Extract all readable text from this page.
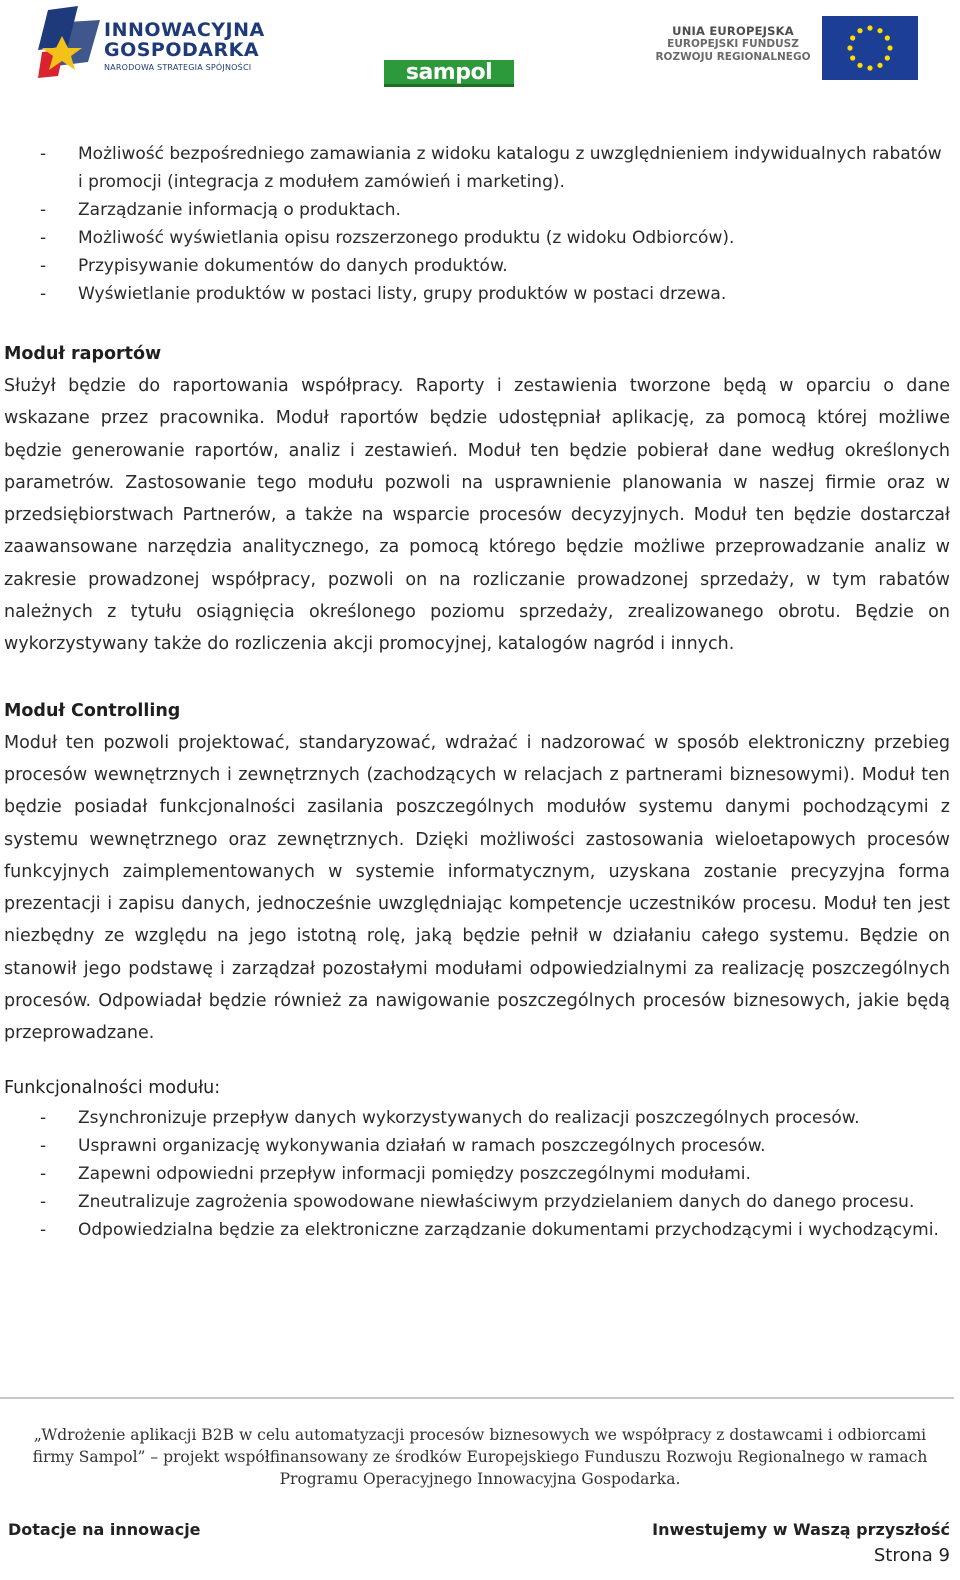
INNOWACYJNA
GOSPODARKA
NARODOWA STRATEGIA SPÓJNOŚCI	sampol
UNIA EUROPEJSKA
EUROPEJSKI FUNDUSZ
ROZWOJU REGIONALNEGO
- Możliwość bezpośredniego zamawiania z widoku katalogu z uwzględnieniem indywidualnych rabatów i promocji (integracja z modułem zamówień i marketing).
- Zarządzanie informacją o produktach.
- Możliwość wyświetlania opisu rozszerzonego produktu (z widoku Odbiorców).
- Przypisywanie dokumentów do danych produktów.
- Wyświetlanie produktów w postaci listy, grupy produktów w postaci drzewa.
Moduł raportów

Służył będzie do raportowania współpracy. Raporty i zestawienia tworzone będą w oparciu o dane wskazane przez pracownika. Moduł raportów będzie udostępniał aplikację, za pomocą której możliwe będzie generowanie raportów, analiz i zestawień. Moduł ten będzie pobierał dane według określonych parametrów. Zastosowanie tego modułu pozwoli na usprawnienie planowania w naszej firmie oraz w przedsiębiorstwach Partnerów, a także na wsparcie procesów decyzyjnych. Moduł ten będzie dostarczał zaawansowane narzędzia analitycznego, za pomocą którego będzie możliwe przeprowadzanie analiz w zakresie prowadzonej współpracy, pozwoli on na rozliczanie prowadzonej sprzedaży, w tym rabatów należnych z tytułu osiągnięcia określonego poziomu sprzedaży, zrealizowanego obrotu. Będzie on wykorzystywany także do rozliczenia akcji promocyjnej, katalogów nagród i innych.

Moduł Controlling

Moduł ten pozwoli projektować, standaryzować, wdrażać i nadzorować w sposób elektroniczny przebieg procesów wewnętrznych i zewnętrznych (zachodzących w relacjach z partnerami biznesowymi). Moduł ten będzie posiadał funkcjonalności zasilania poszczególnych modułów systemu danymi pochodzącymi z systemu wewnętrznego oraz zewnętrznych. Dzięki możliwości zastosowania wieloetapowych procesów funkcyjnych zaimplementowanych w systemie informatycznym, uzyskana zostanie precyzyjna forma prezentacji i zapisu danych, jednocześnie uwzględniając kompetencje uczestników procesu. Moduł ten jest niezbędny ze względu na jego istotną rolę, jaką będzie pełnił w działaniu całego systemu. Będzie on stanowił jego podstawę i zarządzał pozostałymi modułami odpowiedzialnymi za realizację poszczególnych procesów. Odpowiadał będzie również za nawigowanie poszczególnych procesów biznesowych, jakie będą przeprowadzane.

Funkcjonalności modułu:
- Zsynchronizuje przepływ danych wykorzystywanych do realizacji poszczególnych procesów.
- Usprawni organizację wykonywania działań w ramach poszczególnych procesów.
- Zapewni odpowiedni przepływ informacji pomiędzy poszczególnymi modułami.
- Zneutralizuje zagrożenia spowodowane niewłaściwym przydzielaniem danych do danego procesu.
- Odpowiedzialna będzie za elektroniczne zarządzanie dokumentami przychodzącymi i wychodzącymi.
„Wdrożenie aplikacji B2B w celu automatyzacji procesów biznesowych we współpracy z dostawcami i odbiorcami
firmy Sampol” – projekt współfinansowany ze środków Europejskiego Funduszu Rozwoju Regionalnego w ramach
Programu Operacyjnego Innowacyjna Gospodarka.
Dotacje na innowacje	Inwestujemy w Waszą przyszłość
Strona 9
